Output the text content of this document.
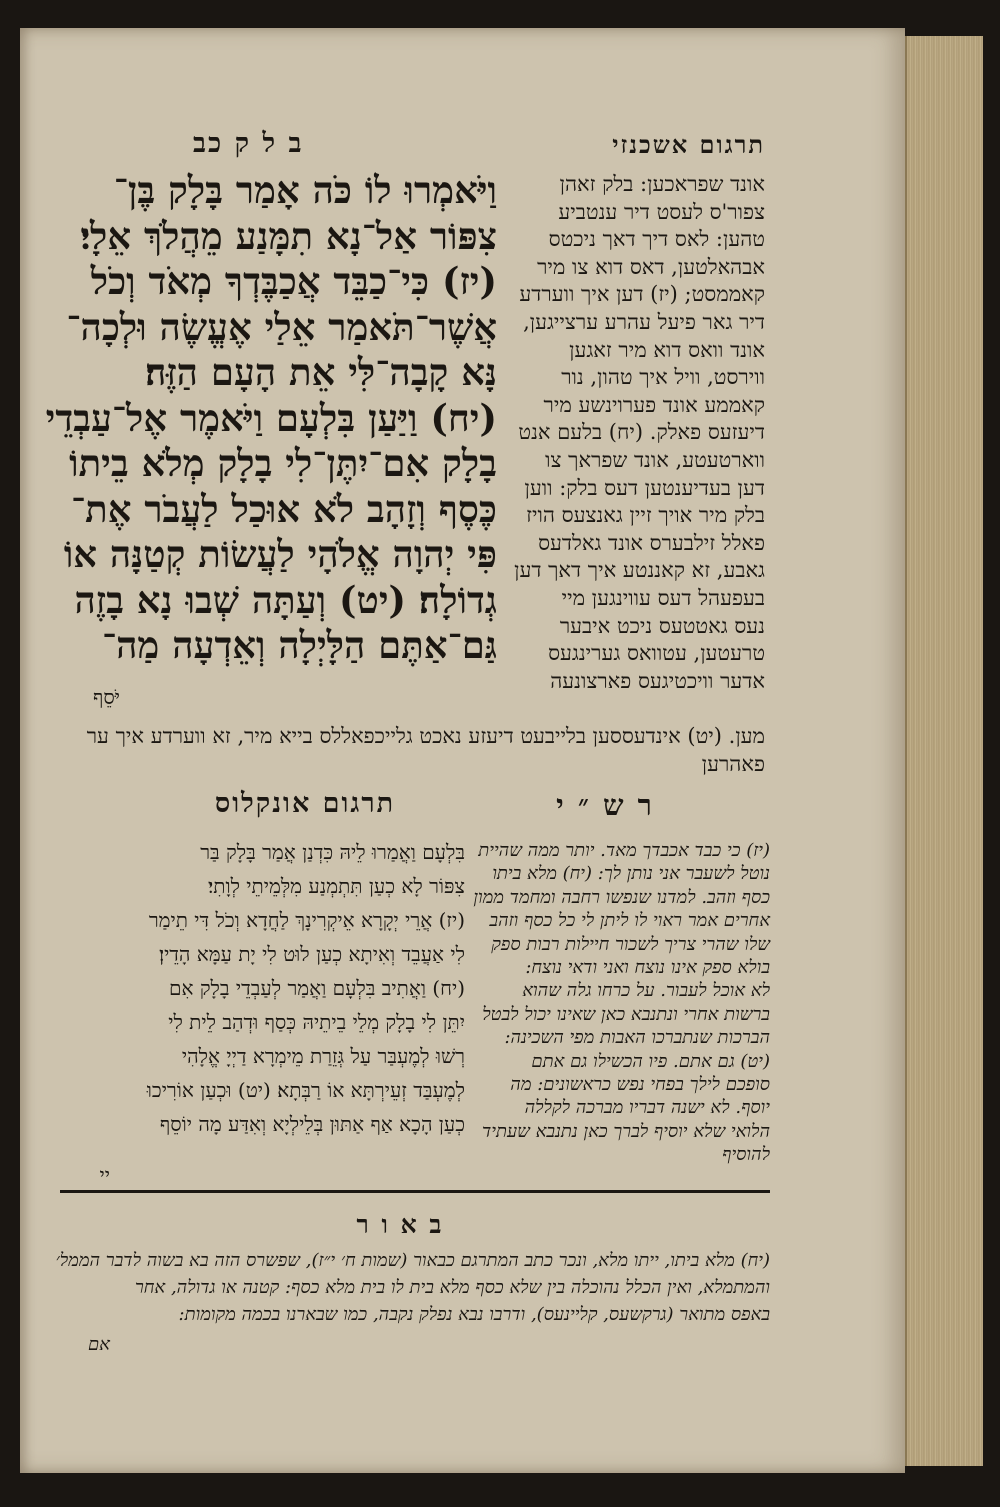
ב ל ק כב	תרגום אשכנזי
וַיֹּאמְרוּ לוֹ כֹּה אָמַר בָּלָק בֶּן־
צִפּוֹר אַל־נָא תִמָּנַע מֵהֲלֹךְ אֵלָי׃
(יז) כִּי־כַבֵּד אֲכַבֶּדְךָ מְאֹד וְכֹל
אֲשֶׁר־תֹּאמַר אֵלַי אֶעֱשֶׂה וּלְכָה־
נָּא קָבָה־לִּי אֵת הָעָם הַזֶּה׃
(יח) וַיַּעַן בִּלְעָם וַיֹּאמֶר אֶל־עַבְדֵי
בָלָק אִם־יִתֶּן־לִי בָלָק מְלֹא בֵיתוֹ
כֶּסֶף וְזָהָב לֹא אוּכַל לַעֲבֹר אֶת־
פִּי יְהוָה אֱלֹהָי לַעֲשׂוֹת קְטַנָּה אוֹ
גְדוֹלָה׃ (יט) וְעַתָּה שְׁבוּ נָא בָזֶה
גַּם־אַתֶּם הַלָּיְלָה וְאֵדְעָה מַה־
יֹּסֵף
אונד שפראכען: בלק זאהן
צפור'ס לעסט דיר ענטביע
טהען: לאס דיך דאך ניכטס
אבהאלטען, דאס דוא צו מיר
קאממסט; (יז) דען איך ווערדע
דיר גאר פיעל עהרע ערצייגען,
אונד וואס דוא מיר זאגען
ווירסט, וויל איך טהון, נור
קאממע אונד פערוינשע מיר
דיעזעס פאלק. (יח) בלעם אנט
ווארטעטע, אונד שפראך צו
דען בעדיענטען דעס בלק: ווען
בלק מיר אויך זיין גאנצעס הויז
פאלל זילבערס אונד גאלדעס
גאבע, זא קאננטע איך דאך דען
בעפעהל דעס עווינגען מיי
נעס גאטטעס ניכט איבער
טרעטען, עטוואס גערינגעס
אדער וויכטיגעס פארצונעה
מען. (יט) אינדעססען בלייבעט דיעזע נאכט גלייכפאללס בייא מיר, זא ווערדע איך ער
פאהרען
תרגום אונקלוס	ר ש ״ י
בִּלְעָם וַאֲמַרוּ לֵיהּ כִּדְנַן אֲמַר בָּלָק בַּר
צִפּוֹר לָא כְעַן תִּתְמְנַע מִלְּמֵיתֵי לְוָתִי׃
(יז) אֲרֵי יְקָרָא אֵיקְרִינָךְ לַחֲדָא וְכֹל דִּי תֵימַר
לִי אַעֲבֵד וְאִיתָא כְעַן לוּט לִי יָת עַמָּא הָדֵין׃
(יח) וַאֲתִיב בִּלְעָם וַאֲמַר לְעַבְדֵי בָלָק אִם
יִתֵּן לִי בָלָק מְלֵי בֵיתֵיהּ כְּסַף וּדְהַב לֵית לִי
רְשׁוּ לְמֶעְבַּר עַל גְּזֵרַת מֵימְרָא דַיְיָ אֱלָהִי
לְמֶעְבַּד זְעֵירְתָּא אוֹ רַבְּתָא׃ (יט) וּכְעַן אוֹרִיכוּ
כְעַן הָכָא אַף אַתּוּן בְּלֵילְיָא וְאִדַּע מָה יוֹסֵף
יי
(יז) כי כבד אכבדך מאד. יותר ממה שהיית
נוטל לשעבר אני נותן לך: (יח) מלא ביתו
כסף וזהב. למדנו שנפשו רחבה ומחמד ממון
אחרים אמר ראוי לו ליתן לי כל כסף וזהב
שלו שהרי צריך לשכור חיילות רבות ספק
בולא ספק אינו נוצח ואני ודאי נוצח:
לא אוכל לעבור. על כרחו גלה שהוא
ברשות אחרי ונתנבא כאן שאינו יכול לבטל
הברכות שנתברכו האבות מפי השכינה:
(יט) גם אתם. פיו הכשילו גם אתם
סופכם לילך בפחי נפש כראשונים: מה
יוסף. לא ישנה דבריו מברכה לקללה
הלואי שלא יוסיף לברך כאן נתנבא שעתיד
להוסיף
ב א ו ר
(יח) מלא ביתו, ייתו מלא, ונכר כתב המתרגם כבאור (שמות ח׳ י״ז), שפשרס הזה בא בשוה לדבר הממל׳
והמתמלא, ואין הכלל נהוכלה בין שלא כסף מלא בית לו בית מלא כסף: קטנה או גדולה, אחר
באפס מתואר (גרקשעס, קליינעס), ודרבו נבא נפלק נקבה, כמו שבארנו בכמה מקומות:
אם
